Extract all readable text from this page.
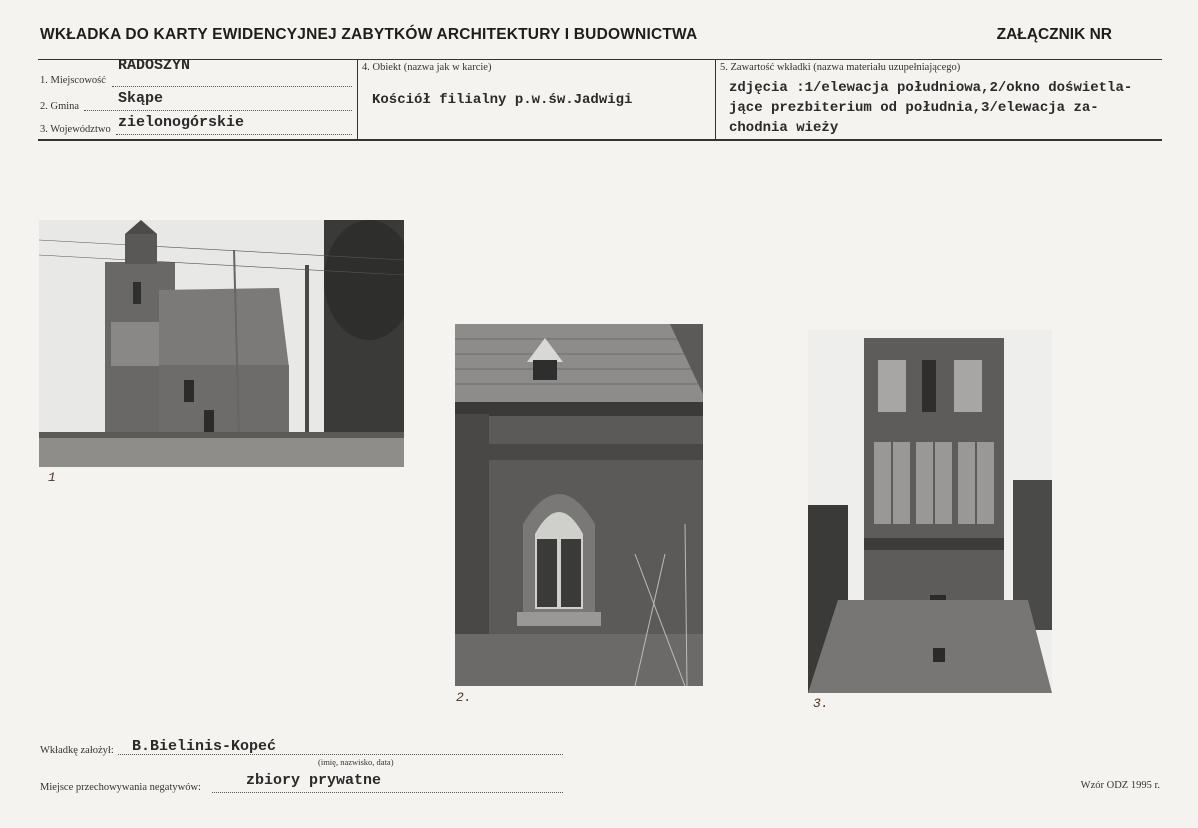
WKŁADKA DO KARTY EWIDENCYJNEJ ZABYTKÓW ARCHITEKTURY I BUDOWNICTWA	ZAŁĄCZNIK NR
RADOSZYN
1. Miejscowość
Skąpe
2. Gmina
zielonogórskie
3. Województwo
4. Obiekt (nazwa jak w karcie)
Kościół filialny p.w.św.Jadwigi
5. Zawartość wkładki (nazwa materiału uzupełniającego)
zdjęcia :1/elewacja południowa,2/okno doświetla-
jące prezbiterium od południa,3/elewacja za-
chodnia wieży
1
2.	3.
Wkładkę założył: B.Bielinis-Kopeć
(imię, nazwisko, data)
Miejsce przechowywania negatywów:	zbiory prywatne	Wzór ODZ 1995 r.
